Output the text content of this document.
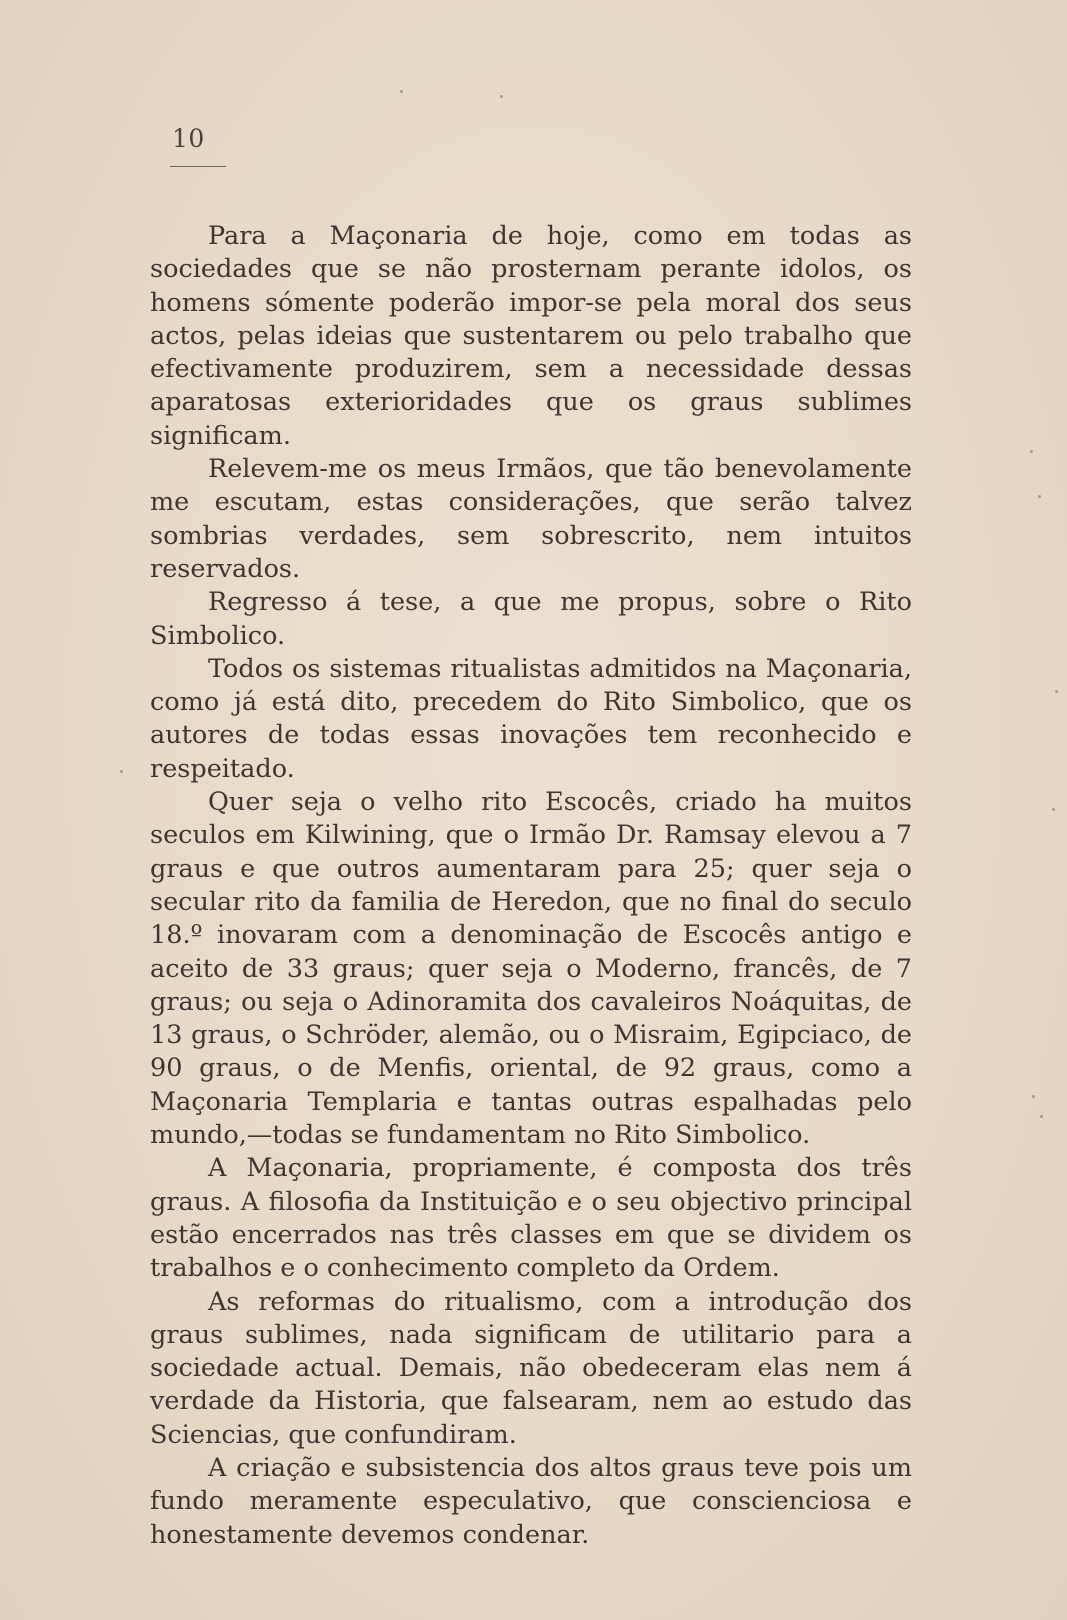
10

Para a Maçonaria de hoje, como em todas as sociedades que se não prosternam perante idolos, os homens sómente poderão impor-se pela moral dos seus actos, pelas ideias que sustentarem ou pelo trabalho que efectivamente produzirem, sem a necessidade dessas aparatosas exterioridades que os graus sublimes significam.

Relevem-me os meus Irmãos, que tão benevolamente me escutam, estas considerações, que serão talvez sombrias verdades, sem sobrescrito, nem intuitos reservados.

Regresso á tese, a que me propus, sobre o Rito Simbolico.

Todos os sistemas ritualistas admitidos na Maçonaria, como já está dito, precedem do Rito Simbolico, que os autores de todas essas inovações tem reconhecido e respeitado.

Quer seja o velho rito Escocês, criado ha muitos seculos em Kilwining, que o Irmão Dr. Ramsay elevou a 7 graus e que outros aumentaram para 25; quer seja o secular rito da familia de Heredon, que no final do seculo 18.º inovaram com a denominação de Escocês antigo e aceito de 33 graus; quer seja o Moderno, francês, de 7 graus; ou seja o Adinoramita dos cavaleiros Noáquitas, de 13 graus, o Schröder, alemão, ou o Misraim, Egipciaco, de 90 graus, o de Menfis, oriental, de 92 graus, como a Maçonaria Templaria e tantas outras espalhadas pelo mundo,—todas se fundamentam no Rito Simbolico.

A Maçonaria, propriamente, é composta dos três graus. A filosofia da Instituição e o seu objectivo principal estão encerrados nas três classes em que se dividem os trabalhos e o conhecimento completo da Ordem.

As reformas do ritualismo, com a introdução dos graus sublimes, nada significam de utilitario para a sociedade actual. Demais, não obedeceram elas nem á verdade da Historia, que falsearam, nem ao estudo das Sciencias, que confundiram.

A criação e subsistencia dos altos graus teve pois um fundo meramente especulativo, que conscienciosa e honestamente devemos condenar.
